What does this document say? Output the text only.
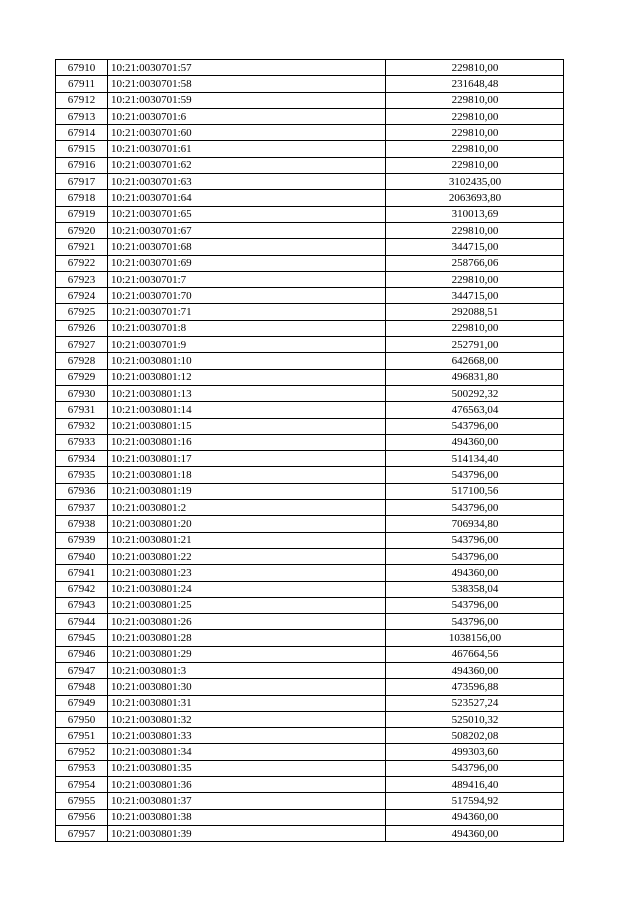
67910	10:21:0030701:57	229810,00
67911	10:21:0030701:58	231648,48
67912	10:21:0030701:59	229810,00
67913	10:21:0030701:6	229810,00
67914	10:21:0030701:60	229810,00
67915	10:21:0030701:61	229810,00
67916	10:21:0030701:62	229810,00
67917	10:21:0030701:63	3102435,00
67918	10:21:0030701:64	2063693,80
67919	10:21:0030701:65	310013,69
67920	10:21:0030701:67	229810,00
67921	10:21:0030701:68	344715,00
67922	10:21:0030701:69	258766,06
67923	10:21:0030701:7	229810,00
67924	10:21:0030701:70	344715,00
67925	10:21:0030701:71	292088,51
67926	10:21:0030701:8	229810,00
67927	10:21:0030701:9	252791,00
67928	10:21:0030801:10	642668,00
67929	10:21:0030801:12	496831,80
67930	10:21:0030801:13	500292,32
67931	10:21:0030801:14	476563,04
67932	10:21:0030801:15	543796,00
67933	10:21:0030801:16	494360,00
67934	10:21:0030801:17	514134,40
67935	10:21:0030801:18	543796,00
67936	10:21:0030801:19	517100,56
67937	10:21:0030801:2	543796,00
67938	10:21:0030801:20	706934,80
67939	10:21:0030801:21	543796,00
67940	10:21:0030801:22	543796,00
67941	10:21:0030801:23	494360,00
67942	10:21:0030801:24	538358,04
67943	10:21:0030801:25	543796,00
67944	10:21:0030801:26	543796,00
67945	10:21:0030801:28	1038156,00
67946	10:21:0030801:29	467664,56
67947	10:21:0030801:3	494360,00
67948	10:21:0030801:30	473596,88
67949	10:21:0030801:31	523527,24
67950	10:21:0030801:32	525010,32
67951	10:21:0030801:33	508202,08
67952	10:21:0030801:34	499303,60
67953	10:21:0030801:35	543796,00
67954	10:21:0030801:36	489416,40
67955	10:21:0030801:37	517594,92
67956	10:21:0030801:38	494360,00
67957	10:21:0030801:39	494360,00
